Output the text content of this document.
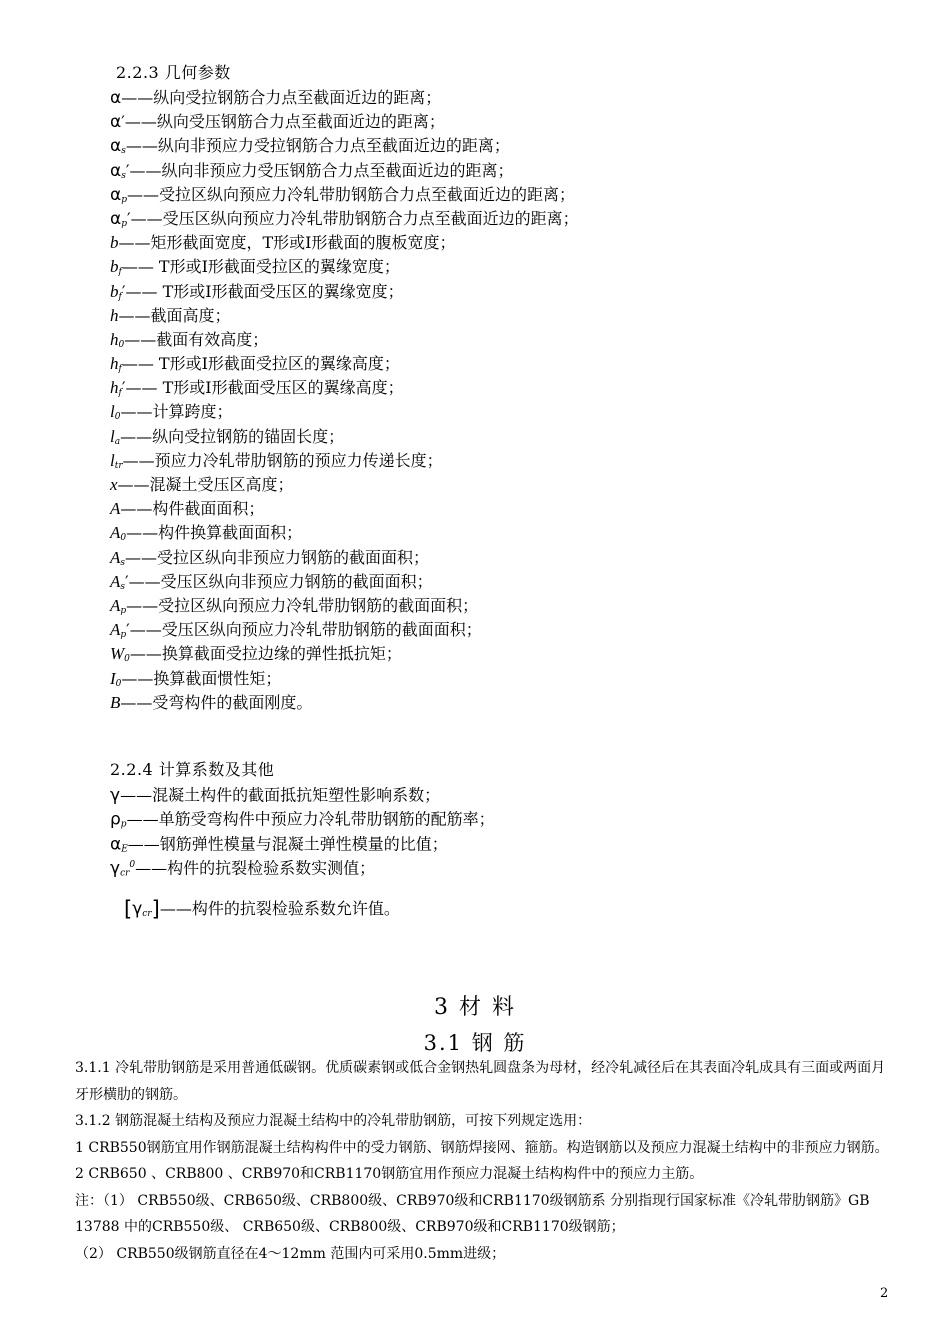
2.2.3 几何参数
α——纵向受拉钢筋合力点至截面近边的距离；
α′——纵向受压钢筋合力点至截面近边的距离；
$\alpha_s——$纵向非预应力受拉钢筋合力点至截面近边的距离；
$\alpha_s'——$纵向非预应力受压钢筋合力点至截面近边的距离；
$\alpha_p——$受拉区纵向预应力冷轧带肋钢筋合力点至截面近边的距离；
$\alpha_p'——$受压区纵向预应力冷轧带肋钢筋合力点至截面近边的距离；
b——矩形截面宽度，T形或I形截面的腹板宽度；
$b_f——$ T形或I形截面受拉区的翼缘宽度；
$b_f'——$ T形或I形截面受压区的翼缘宽度；
h——截面高度；
$h_0——$截面有效高度；
$h_f——$ T形或I形截面受拉区的翼缘高度；
$h_f'——$ T形或I形截面受压区的翼缘高度；
$l_0——$计算跨度；
$l_a——$纵向受拉钢筋的锚固长度；
$l_{tr}——$预应力冷轧带肋钢筋的预应力传递长度；
x——混凝土受压区高度；
A——构件截面面积；
$A_0——$构件换算截面面积；
$A_s——$受拉区纵向非预应力钢筋的截面面积；
$A_s'——$受压区纵向非预应力钢筋的截面面积；
$A_p——$受拉区纵向预应力冷轧带肋钢筋的截面面积；
$A_p'——$受压区纵向预应力冷轧带肋钢筋的截面面积；
$W_0——$换算截面受拉边缘的弹性抵抗矩；
$I_0——$换算截面惯性矩；
B——受弯构件的截面刚度。
2.2.4 计算系数及其他
γ——混凝土构件的截面抵抗矩塑性影响系数；
$\rho_p——$单筋受弯构件中预应力冷轧带肋钢筋的配筋率；
$\alpha_E——$钢筋弹性模量与混凝土弹性模量的比值；
$\gamma_{cr}^0——$构件的抗裂检验系数实测值；
$[\gamma_{cr}]——$构件的抗裂检验系数允许值。
3 材 料
3.1 钢 筋

3.1.1 冷轧带肋钢筋是采用普通低碳钢。优质碳素钢或低合金钢热轧圆盘条为母材，经冷轧减径后在其表面冷轧成具有三面或两面月牙形横肋的钢筋。

3.1.2 钢筋混凝土结构及预应力混凝土结构中的冷轧带肋钢筋，可按下列规定选用：

1 CRB550钢筋宜用作钢筋混凝土结构构件中的受力钢筋、钢筋焊接网、箍筋。构造钢筋以及预应力混凝土结构中的非预应力钢筋。

2 CRB650 、CRB800 、CRB970和CRB1170钢筋宜用作预应力混凝土结构构件中的预应力主筋。

注：（1） CRB550级、CRB650级、CRB800级、CRB970级和CRB1170级钢筋系 分别指现行国家标准《冷轧带肋钢筋》GB 13788 中的CRB550级、 CRB650级、CRB800级、CRB970级和CRB1170级钢筋；

（2） CRB550级钢筋直径在4～12mm 范围内可采用0.5mm进级；

2
